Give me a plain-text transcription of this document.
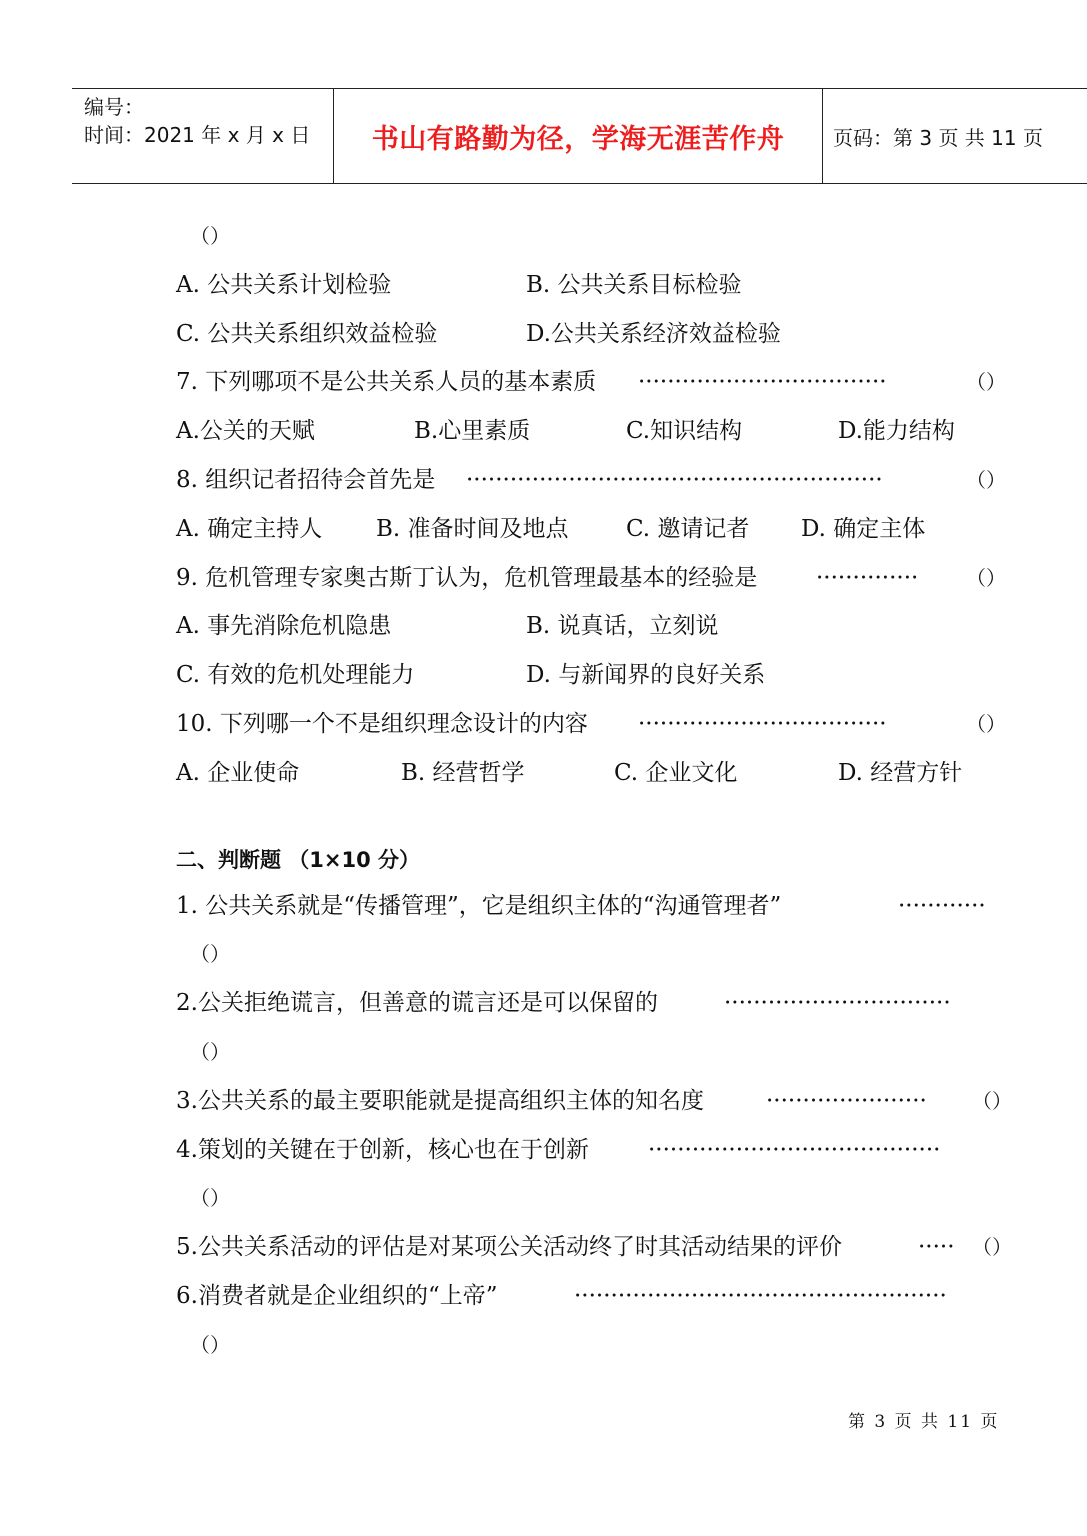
编号：
时间：2021 年 x 月 x 日	书山有路勤为径，学海无涯苦作舟 页码：第 3 页 共 11 页
（）
A. 公共关系计划检验	B. 公共关系目标检验
C. 公共关系组织效益检验	D.公共关系经济效益检验
7. 下列哪项不是公共关系人员的基本素质 ··································	（）
A.公关的天赋	B.心里素质	C.知识结构	D.能力结构
8. 组织记者招待会首先是 ·························································	（）
A. 确定主持人 B. 准备时间及地点 C. 邀请记者 D. 确定主体
9. 危机管理专家奥古斯丁认为，危机管理最基本的经验是	·············· （）
A. 事先消除危机隐患	B. 说真话，立刻说
C. 有效的危机处理能力	D. 与新闻界的良好关系
10. 下列哪一个不是组织理念设计的内容 ··································	（）
A. 企业使命	B. 经营哲学	C. 企业文化	D. 经营方针
二、判断题 （1×10 分）
1. 公共关系就是“传播管理”，它是组织主体的“沟通管理者”	············
（）
2.公关拒绝谎言，但善意的谎言还是可以保留的	·······························
（）
3.公共关系的最主要职能就是提高组织主体的知名度	······················ （）
4.策划的关键在于创新，核心也在于创新	········································
（）
5.公共关系活动的评估是对某项公关活动终了时其活动结果的评价	····· （）
6.消费者就是企业组织的“上帝”	···················································
（）
第 3 页 共 11 页
